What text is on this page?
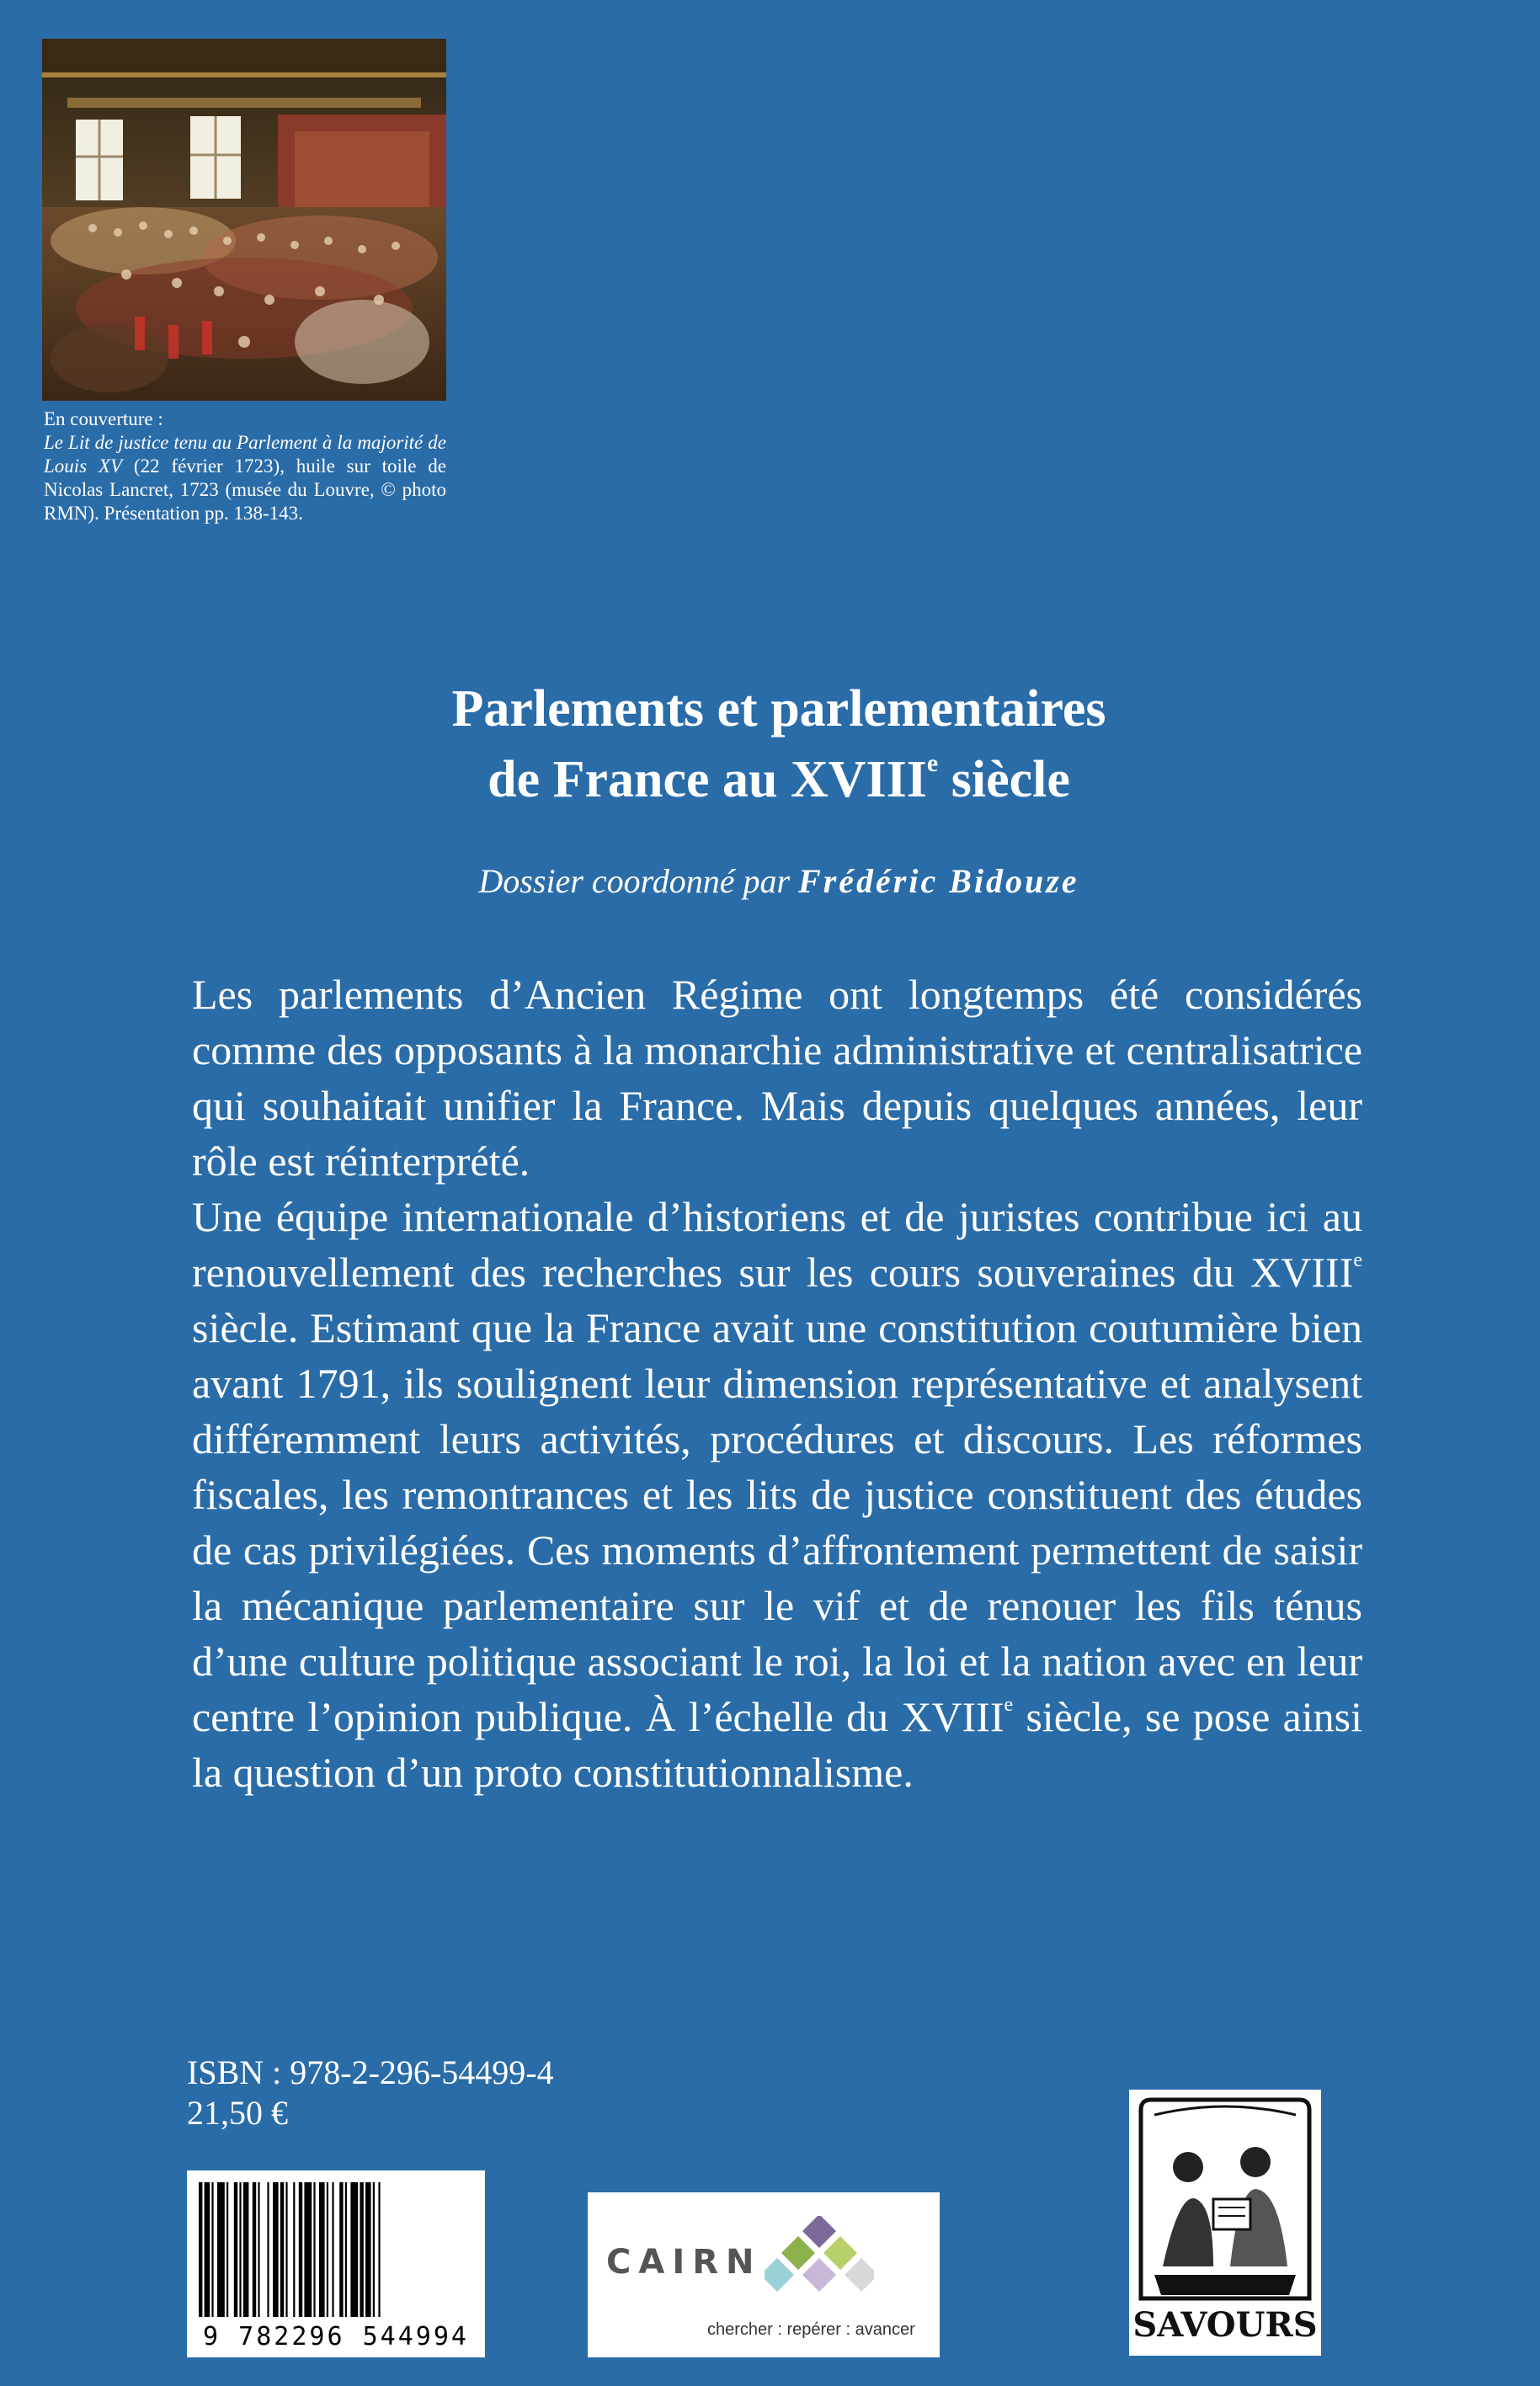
En couverture :

Le Lit de justice tenu au Parlement à la majorité de Louis XV (22 février 1723), huile sur toile de Nicolas Lancret, 1723 (musée du Louvre, © photo RMN). Présentation pp. 138-143.

Parlements et parlementaires
de France au XVIIIe siècle
Dossier coordonné par Frédéric Bidouze

Les parlements d’Ancien Régime ont longtemps été considérés comme des opposants à la monarchie administrative et centralisatrice qui souhaitait unifier la France. Mais depuis quelques années, leur rôle est réinterprété.

Une équipe internationale d’historiens et de juristes contribue ici au renouvellement des recherches sur les cours souveraines du XVIIIe siècle. Estimant que la France avait une constitution coutumière bien avant 1791, ils soulignent leur dimension représentative et analysent différemment leurs activités, procédures et discours. Les réformes fiscales, les remontrances et les lits de justice constituent des études de cas privilégiées. Ces moments d’affrontement permettent de saisir la mécanique parlementaire sur le vif et de renouer les fils ténus d’une culture politique associant le roi, la loi et la nation avec en leur centre l’opinion publique. À l’échelle du XVIIIe siècle, se pose ainsi la question d’un proto constitutionnalisme.

ISBN : 978-2-296-54499-4
21,50 €
9 782296 544994
CAIRN
chercher : repérer : avancer	SAVOURS
